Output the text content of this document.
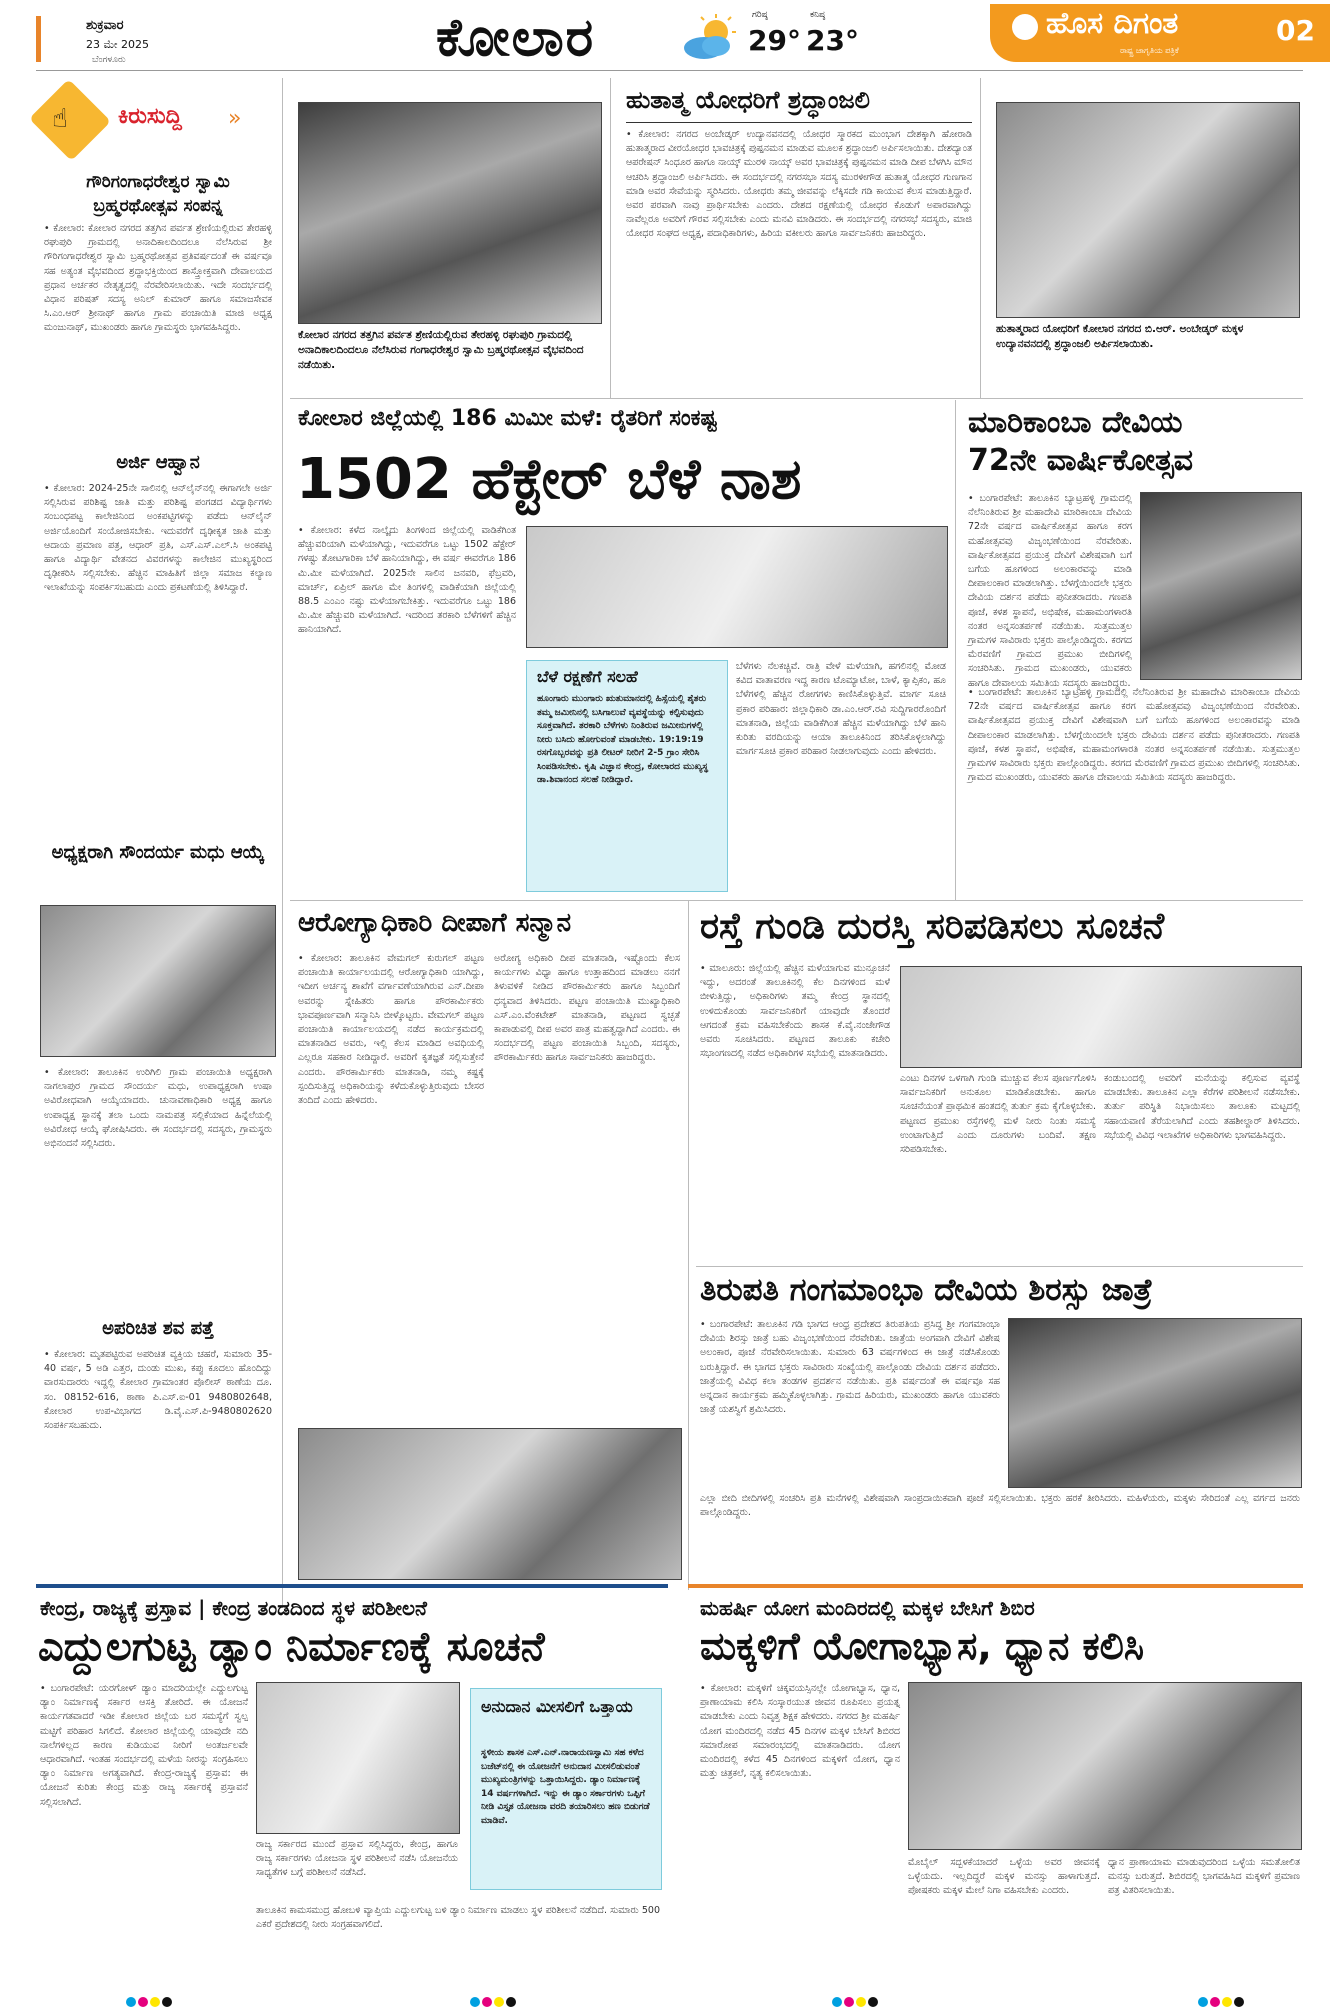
ಶುಕ್ರವಾರ
23 ಮೇ 2025
ಬೆಂಗಳೂರು	ಕೋಲಾರ	ಗರಿಷ್ಠ
29°
ಕನಿಷ್ಠ
23°	ಹೊಸ ದಿಗಂತ
ರಾಷ್ಟ್ರ ಜಾಗೃತಿಯ ಪತ್ರಿಕೆ
02
☝ ಕಿರುಸುದ್ದಿ »
ಗೌರಿಗಂಗಾಧರೇಶ್ವರ ಸ್ವಾಮಿ ಬ್ರಹ್ಮರಥೋತ್ಸವ ಸಂಪನ್ನ
• ಕೋಲಾರ: ಕೋಲಾರ ನಗರದ ತತ್ತಗಿನ ಪರ್ವತ ಶ್ರೇಣಿಯಲ್ಲಿರುವ ತೇರಹಳ್ಳಿ ರಘುಪುರಿ ಗ್ರಾಮದಲ್ಲಿ ಅನಾದಿಕಾಲದಿಂದಲೂ ನೆಲೆಸಿರುವ ಶ್ರೀ ಗೌರಿಗಂಗಾಧರೇಶ್ವರ ಸ್ವಾಮಿ ಬ್ರಹ್ಮರಥೋತ್ಸವ ಪ್ರತಿವರ್ಷದಂತೆ ಈ ವರ್ಷವೂ ಸಹ ಅತ್ಯಂತ ವೈಭವದಿಂದ ಶ್ರದ್ಧಾಭಕ್ತಿಯಿಂದ ಶಾಸ್ತ್ರೋಕ್ತವಾಗಿ ದೇವಾಲಯದ ಪ್ರಧಾನ ಅರ್ಚಕರ ನೇತೃತ್ವದಲ್ಲಿ ನೆರವೇರಿಸಲಾಯಿತು. ಇದೇ ಸಂದರ್ಭದಲ್ಲಿ ವಿಧಾನ ಪರಿಷತ್ ಸದಸ್ಯ ಅನಿಲ್ ಕುಮಾರ್ ಹಾಗೂ ಸಮಾಜಸೇವಕ ಸಿ.ಎಂ.ಆರ್ ಶ್ರೀನಾಥ್ ಹಾಗೂ ಗ್ರಾಮ ಪಂಚಾಯಿತಿ ಮಾಜಿ ಅಧ್ಯಕ್ಷ ಮಂಜುನಾಥ್, ಮುಖಂಡರು ಹಾಗೂ ಗ್ರಾಮಸ್ಥರು ಭಾಗವಹಿಸಿದ್ದರು.
ಅರ್ಜಿ ಆಹ್ವಾನ
• ಕೋಲಾರ: 2024-25ನೇ ಸಾಲಿನಲ್ಲಿ ಆನ್‌ಲೈನ್‌ನಲ್ಲಿ ಈಗಾಗಲೇ ಅರ್ಜಿ ಸಲ್ಲಿಸಿರುವ ಪರಿಶಿಷ್ಟ ಜಾತಿ ಮತ್ತು ಪರಿಶಿಷ್ಟ ಪಂಗಡದ ವಿದ್ಯಾರ್ಥಿಗಳು ಸಂಬಂಧಪಟ್ಟ ಕಾಲೇಜಿನಿಂದ ಅಂಕಪಟ್ಟಿಗಳನ್ನು ಪಡೆದು ಆನ್‌ಲೈನ್ ಅರ್ಜಿಯೊಂದಿಗೆ ಸಂಯೋಜಿಸಬೇಕು. ಇದುವರೆಗೆ ದೃಢೀಕೃತ ಜಾತಿ ಮತ್ತು ಆದಾಯ ಪ್ರಮಾಣ ಪತ್ರ, ಆಧಾರ್ ಪ್ರತಿ, ಎಸ್.ಎಸ್.ಎಲ್.ಸಿ ಅಂಕಪಟ್ಟಿ ಹಾಗೂ ವಿದ್ಯಾರ್ಥಿ ವೇತನದ ವಿವರಗಳನ್ನು ಕಾಲೇಜಿನ ಮುಖ್ಯಸ್ಥರಿಂದ ದೃಢೀಕರಿಸಿ ಸಲ್ಲಿಸಬೇಕು. ಹೆಚ್ಚಿನ ಮಾಹಿತಿಗೆ ಜಿಲ್ಲಾ ಸಮಾಜ ಕಲ್ಯಾಣ ಇಲಾಖೆಯನ್ನು ಸಂಪರ್ಕಿಸಬಹುದು ಎಂದು ಪ್ರಕಟಣೆಯಲ್ಲಿ ತಿಳಿಸಿದ್ದಾರೆ.
ಅಧ್ಯಕ್ಷರಾಗಿ ಸೌಂದರ್ಯ ಮಧು ಆಯ್ಕೆ
• ಕೋಲಾರ: ತಾಲೂಕಿನ ಉರಿಗಿಲಿ ಗ್ರಾಮ ಪಂಚಾಯಿತಿ ಅಧ್ಯಕ್ಷರಾಗಿ ನಾಗಲಾಪುರ ಗ್ರಾಮದ ಸೌಂದರ್ಯ ಮಧು, ಉಪಾಧ್ಯಕ್ಷರಾಗಿ ಉಷಾ ಅವಿರೋಧವಾಗಿ ಆಯ್ಕೆಯಾದರು. ಚುನಾವಣಾಧಿಕಾರಿ ಅಧ್ಯಕ್ಷ ಹಾಗೂ ಉಪಾಧ್ಯಕ್ಷ ಸ್ಥಾನಕ್ಕೆ ತಲಾ ಒಂದು ನಾಮಪತ್ರ ಸಲ್ಲಿಕೆಯಾದ ಹಿನ್ನೆಲೆಯಲ್ಲಿ ಅವಿರೋಧ ಆಯ್ಕೆ ಘೋಷಿಸಿದರು. ಈ ಸಂದರ್ಭದಲ್ಲಿ ಸದಸ್ಯರು, ಗ್ರಾಮಸ್ಥರು ಅಭಿನಂದನೆ ಸಲ್ಲಿಸಿದರು.
ಅಪರಿಚಿತ ಶವ ಪತ್ತೆ
• ಕೋಲಾರ: ಮೃತಪಟ್ಟಿರುವ ಅಪರಿಚಿತ ವ್ಯಕ್ತಿಯ ಚಹರೆ, ಸುಮಾರು 35-40 ವರ್ಷ, 5 ಅಡಿ ಎತ್ತರ, ದುಂಡು ಮುಖ, ಕಪ್ಪು ಕೂದಲು ಹೊಂದಿದ್ದು ವಾರಸುದಾರರು ಇದ್ದಲ್ಲಿ ಕೋಲಾರ ಗ್ರಾಮಾಂತರ ಪೊಲೀಸ್ ಠಾಣೆಯ ದೂ. ಸಂ. 08152-616, ಠಾಣಾ ಪಿ.ಎಸ್.ಐ-01 9480802648, ಕೋಲಾರ ಉಪ-ವಿಭಾಗದ ಡಿ.ವೈ.ಎಸ್.ಪಿ-9480802620 ಸಂಪರ್ಕಿಸಬಹುದು.
ಕೋಲಾರ ನಗರದ ತತ್ತಗಿನ ಪರ್ವತ ಶ್ರೇಣಿಯಲ್ಲಿರುವ ತೇರಹಳ್ಳಿ ರಘುಪುರಿ ಗ್ರಾಮದಲ್ಲಿ ಅನಾದಿಕಾಲದಿಂದಲೂ ನೆಲೆಸಿರುವ ಗಂಗಾಧರೇಶ್ವರ ಸ್ವಾಮಿ ಬ್ರಹ್ಮರಥೋತ್ಸವ ವೈಭವದಿಂದ ನಡೆಯಿತು.
ಹುತಾತ್ಮ ಯೋಧರಿಗೆ ಶ್ರದ್ಧಾಂಜಲಿ
• ಕೋಲಾರ: ನಗರದ ಅಂಬೇಡ್ಕರ್ ಉದ್ಯಾನವನದಲ್ಲಿ ಯೋಧರ ಸ್ಮಾರಕದ ಮುಂಭಾಗ ದೇಶಕ್ಕಾಗಿ ಹೋರಾಡಿ ಹುತಾತ್ಮರಾದ ವೀರಯೋಧರ ಭಾವಚಿತ್ರಕ್ಕೆ ಪುಷ್ಪನಮನ ಮಾಡುವ ಮೂಲಕ ಶ್ರದ್ಧಾಂಜಲಿ ಅರ್ಪಿಸಲಾಯಿತು. ದೇಶದ್ಯಾಂತ ಆಪರೇಷನ್ ಸಿಂಧೂರ ಹಾಗೂ ನಾಯ್ಕ್ ಮುರಳಿ ನಾಯ್ಕ್ ಅವರ ಭಾವಚಿತ್ರಕ್ಕೆ ಪುಷ್ಪನಮನ ಮಾಡಿ ದೀಪ ಬೆಳಗಿಸಿ ಮೌನ ಆಚರಿಸಿ ಶ್ರದ್ಧಾಂಜಲಿ ಅರ್ಪಿಸಿದರು. ಈ ಸಂದರ್ಭದಲ್ಲಿ ನಗರಸಭಾ ಸದಸ್ಯ ಮುರಳೀಗೌಡ ಹುತಾತ್ಮ ಯೋಧರ ಗುಣಗಾನ ಮಾಡಿ ಅವರ ಸೇವೆಯನ್ನು ಸ್ಮರಿಸಿದರು. ಯೋಧರು ತಮ್ಮ ಜೀವವನ್ನು ಲೆಕ್ಕಿಸದೇ ಗಡಿ ಕಾಯುವ ಕೆಲಸ ಮಾಡುತ್ತಿದ್ದಾರೆ. ಅವರ ಪರವಾಗಿ ನಾವು ಪ್ರಾರ್ಥಿಸಬೇಕು ಎಂದರು. ದೇಶದ ರಕ್ಷಣೆಯಲ್ಲಿ ಯೋಧರ ಕೊಡುಗೆ ಅಪಾರವಾಗಿದ್ದು ನಾವೆಲ್ಲರೂ ಅವರಿಗೆ ಗೌರವ ಸಲ್ಲಿಸಬೇಕು ಎಂದು ಮನವಿ ಮಾಡಿದರು. ಈ ಸಂದರ್ಭದಲ್ಲಿ ನಗರಸಭೆ ಸದಸ್ಯರು, ಮಾಜಿ ಯೋಧರ ಸಂಘದ ಅಧ್ಯಕ್ಷ, ಪದಾಧಿಕಾರಿಗಳು, ಹಿರಿಯ ವಕೀಲರು ಹಾಗೂ ಸಾರ್ವಜನಿಕರು ಹಾಜರಿದ್ದರು.
ಹುತಾತ್ಮರಾದ ಯೋಧರಿಗೆ ಕೋಲಾರ ನಗರದ ಬಿ.ಆರ್. ಅಂಬೇಡ್ಕರ್ ಮಕ್ಕಳ ಉದ್ಯಾನವನದಲ್ಲಿ ಶ್ರದ್ಧಾಂಜಲಿ ಅರ್ಪಿಸಲಾಯಿತು.
ಕೋಲಾರ ಜಿಲ್ಲೆಯಲ್ಲಿ 186 ಮಿಮೀ ಮಳೆ: ರೈತರಿಗೆ ಸಂಕಷ್ಟ
1502 ಹೆಕ್ಟೇರ್ ಬೆಳೆ ನಾಶ
• ಕೋಲಾರ: ಕಳೆದ ನಾಲ್ಕೈದು ತಿಂಗಳಿಂದ ಜಿಲ್ಲೆಯಲ್ಲಿ ವಾಡಿಕೆಗಿಂತ ಹೆಚ್ಚುವರಿಯಾಗಿ ಮಳೆಯಾಗಿದ್ದು, ಇದುವರೆಗೂ ಒಟ್ಟು 1502 ಹೆಕ್ಟೇರ್ ಗಳಷ್ಟು ತೋಟಗಾರಿಕಾ ಬೆಳೆ ಹಾನಿಯಾಗಿದ್ದು, ಈ ವರ್ಷ ಈವರೆಗೂ 186 ಮಿ.ಮೀ ಮಳೆಯಾಗಿದೆ. 2025ನೇ ಸಾಲಿನ ಜನವರಿ, ಫೆಬ್ರವರಿ, ಮಾರ್ಚ್, ಏಪ್ರಿಲ್ ಹಾಗೂ ಮೇ ತಿಂಗಳಲ್ಲಿ ವಾಡಿಕೆಯಾಗಿ ಜಿಲ್ಲೆಯಲ್ಲಿ 88.5 ಎಂಎಂ ನಷ್ಟು ಮಳೆಯಾಗಬೇಕಿತ್ತು. ಇದುವರೆಗೂ ಒಟ್ಟು 186 ಮಿ.ಮೀ ಹೆಚ್ಚುವರಿ ಮಳೆಯಾಗಿದೆ. ಇದರಿಂದ ತರಕಾರಿ ಬೆಳೆಗಳಿಗೆ ಹೆಚ್ಚಿನ ಹಾನಿಯಾಗಿದೆ.
ಬೆಳೆ ರಕ್ಷಣೆಗೆ ಸಲಹೆ
ಹೂಂಗಾರು ಮುಂಗಾರು ಋತುಮಾನದಲ್ಲಿ ಹಿಸ್ಸೆಯಲ್ಲಿ ಶೈತರು ತಮ್ಮ ಜಮೀನಿನಲ್ಲಿ ಬಸಿಗಾಲುವೆ ವ್ಯವಸ್ಥೆಯನ್ನು ಕಲ್ಪಿಸುವುದು ಸೂಕ್ತವಾಗಿದೆ. ತರಕಾರಿ ಬೆಳೆಗಳು ನಿಂತಿರುವ ಜಮೀನುಗಳಲ್ಲಿ ನೀರು ಬಸಿದು ಹೋಗುವಂತೆ ಮಾಡಬೇಕು. 19:19:19 ರಸಗೊಬ್ಬರವನ್ನು ಪ್ರತಿ ಲೀಟರ್ ನೀರಿಗೆ 2-5 ಗ್ರಾಂ ಸೇರಿಸಿ ಸಿಂಪಡಿಸಬೇಕು. ಕೃಷಿ ವಿಜ್ಞಾನ ಕೇಂದ್ರ, ಕೋಲಾರದ ಮುಖ್ಯಸ್ಥ ಡಾ.ಶಿವಾನಂದ ಸಲಹೆ ನೀಡಿದ್ದಾರೆ.
ಬೆಳೆಗಳು ನೆಲಕಚ್ಚಿವೆ. ರಾತ್ರಿ ವೇಳೆ ಮಳೆಯಾಗಿ, ಹಗಲಿನಲ್ಲಿ ಮೋಡ ಕವಿದ ವಾತಾವರಣ ಇದ್ದ ಕಾರಣ ಟೊಮ್ಯಾಟೋ, ಬಾಳೆ, ಕ್ಯಾಪ್ಸಿಕಂ, ಹೂ ಬೆಳೆಗಳಲ್ಲಿ ಹೆಚ್ಚಿನ ರೋಗಗಳು ಕಾಣಿಸಿಕೊಳ್ಳುತ್ತಿವೆ. ಮಾರ್ಗ ಸೂಚಿ ಪ್ರಕಾರ ಪರಿಹಾರ: ಜಿಲ್ಲಾಧಿಕಾರಿ ಡಾ.ಎಂ.ಆರ್.ರವಿ ಸುದ್ದಿಗಾರರೊಂದಿಗೆ ಮಾತನಾಡಿ, ಜಿಲ್ಲೆಯ ವಾಡಿಕೆಗಿಂತ ಹೆಚ್ಚಿನ ಮಳೆಯಾಗಿದ್ದು ಬೆಳೆ ಹಾನಿ ಕುರಿತು ವರದಿಯನ್ನು ಆಯಾ ತಾಲೂಕಿನಿಂದ ತರಿಸಿಕೊಳ್ಳಲಾಗಿದ್ದು ಮಾರ್ಗಸೂಚಿ ಪ್ರಕಾರ ಪರಿಹಾರ ನೀಡಲಾಗುವುದು ಎಂದು ಹೇಳಿದರು.
ಮಾರಿಕಾಂಬಾ ದೇವಿಯ
72ನೇ ವಾರ್ಷಿಕೋತ್ಸವ
• ಬಂಗಾರಪೇಟೆ: ತಾಲೂಕಿನ ಬ್ಯಾಟ್ರಹಳ್ಳಿ ಗ್ರಾಮದಲ್ಲಿ ನೆಲೆನಿಂತಿರುವ ಶ್ರೀ ಮಹಾದೇವಿ ಮಾರಿಕಾಂಬಾ ದೇವಿಯ 72ನೇ ವರ್ಷದ ವಾರ್ಷಿಕೋತ್ಸವ ಹಾಗೂ ಕರಗ ಮಹೋತ್ಸವವು ವಿಜೃಂಭಣೆಯಿಂದ ನೆರವೇರಿತು. ವಾರ್ಷಿಕೋತ್ಸವದ ಪ್ರಯುಕ್ತ ದೇವಿಗೆ ವಿಶೇಷವಾಗಿ ಬಗೆ ಬಗೆಯ ಹೂಗಳಿಂದ ಅಲಂಕಾರವನ್ನು ಮಾಡಿ ದೀಪಾಲಂಕಾರ ಮಾಡಲಾಗಿತ್ತು. ಬೆಳಗ್ಗೆಯಿಂದಲೇ ಭಕ್ತರು ದೇವಿಯ ದರ್ಶನ ಪಡೆದು ಪುನೀತರಾದರು. ಗಣಪತಿ ಪೂಜೆ, ಕಳಶ ಸ್ಥಾಪನೆ, ಅಭಿಷೇಕ, ಮಹಾಮಂಗಳಾರತಿ ನಂತರ ಅನ್ನಸಂತರ್ಪಣೆ ನಡೆಯಿತು. ಸುತ್ತಮುತ್ತಲ ಗ್ರಾಮಗಳ ಸಾವಿರಾರು ಭಕ್ತರು ಪಾಲ್ಗೊಂಡಿದ್ದರು. ಕರಗದ ಮೆರವಣಿಗೆ ಗ್ರಾಮದ ಪ್ರಮುಖ ಬೀದಿಗಳಲ್ಲಿ ಸಂಚರಿಸಿತು. ಗ್ರಾಮದ ಮುಖಂಡರು, ಯುವಕರು ಹಾಗೂ ದೇವಾಲಯ ಸಮಿತಿಯ ಸದಸ್ಯರು ಹಾಜರಿದ್ದರು.
• ಬಂಗಾರಪೇಟೆ: ತಾಲೂಕಿನ ಬ್ಯಾಟ್ರಹಳ್ಳಿ ಗ್ರಾಮದಲ್ಲಿ ನೆಲೆನಿಂತಿರುವ ಶ್ರೀ ಮಹಾದೇವಿ ಮಾರಿಕಾಂಬಾ ದೇವಿಯ 72ನೇ ವರ್ಷದ ವಾರ್ಷಿಕೋತ್ಸವ ಹಾಗೂ ಕರಗ ಮಹೋತ್ಸವವು ವಿಜೃಂಭಣೆಯಿಂದ ನೆರವೇರಿತು. ವಾರ್ಷಿಕೋತ್ಸವದ ಪ್ರಯುಕ್ತ ದೇವಿಗೆ ವಿಶೇಷವಾಗಿ ಬಗೆ ಬಗೆಯ ಹೂಗಳಿಂದ ಅಲಂಕಾರವನ್ನು ಮಾಡಿ ದೀಪಾಲಂಕಾರ ಮಾಡಲಾಗಿತ್ತು. ಬೆಳಗ್ಗೆಯಿಂದಲೇ ಭಕ್ತರು ದೇವಿಯ ದರ್ಶನ ಪಡೆದು ಪುನೀತರಾದರು. ಗಣಪತಿ ಪೂಜೆ, ಕಳಶ ಸ್ಥಾಪನೆ, ಅಭಿಷೇಕ, ಮಹಾಮಂಗಳಾರತಿ ನಂತರ ಅನ್ನಸಂತರ್ಪಣೆ ನಡೆಯಿತು. ಸುತ್ತಮುತ್ತಲ ಗ್ರಾಮಗಳ ಸಾವಿರಾರು ಭಕ್ತರು ಪಾಲ್ಗೊಂಡಿದ್ದರು. ಕರಗದ ಮೆರವಣಿಗೆ ಗ್ರಾಮದ ಪ್ರಮುಖ ಬೀದಿಗಳಲ್ಲಿ ಸಂಚರಿಸಿತು. ಗ್ರಾಮದ ಮುಖಂಡರು, ಯುವಕರು ಹಾಗೂ ದೇವಾಲಯ ಸಮಿತಿಯ ಸದಸ್ಯರು ಹಾಜರಿದ್ದರು.
ಆರೋಗ್ಯಾಧಿಕಾರಿ ದೀಪಾಗೆ ಸನ್ಮಾನ
• ಕೋಲಾರ: ತಾಲೂಕಿನ ವೇಮಗಲ್ ಕುರುಗಲ್ ಪಟ್ಟಣ ಪಂಚಾಯಿತಿ ಕಾರ್ಯಾಲಯದಲ್ಲಿ ಆರೋಗ್ಯಾಧಿಕಾರಿ ಯಾಗಿದ್ದು, ಇದೀಗ ಅರ್ಚನ್ಯ ಶಾಖೆಗೆ ವರ್ಗಾವಣೆಯಾಗಿರುವ ಎನ್.ದೀಪಾ ಅವರನ್ನು ಸ್ನೇಹಿತರು ಹಾಗೂ ಪೌರಕಾರ್ಮಿಕರು ಭಾವಪೂರ್ಣವಾಗಿ ಸನ್ಮಾನಿಸಿ ಬೀಳ್ಕೊಟ್ಟರು. ವೇಮಗಲ್ ಪಟ್ಟಣ ಪಂಚಾಯಿತಿ ಕಾರ್ಯಾಲಯದಲ್ಲಿ ನಡೆದ ಕಾರ್ಯಕ್ರಮದಲ್ಲಿ ಮಾತನಾಡಿದ ಅವರು, ಇಲ್ಲಿ ಕೆಲಸ ಮಾಡಿದ ಅವಧಿಯಲ್ಲಿ ಎಲ್ಲರೂ ಸಹಕಾರ ನೀಡಿದ್ದಾರೆ. ಅವರಿಗೆ ಕೃತಜ್ಞತೆ ಸಲ್ಲಿಸುತ್ತೇನೆ ಎಂದರು. ಪೌರಕಾರ್ಮಿಕರು ಮಾತನಾಡಿ, ನಮ್ಮ ಕಷ್ಟಕ್ಕೆ ಸ್ಪಂದಿಸುತ್ತಿದ್ದ ಅಧಿಕಾರಿಯನ್ನು ಕಳೆದುಕೊಳ್ಳುತ್ತಿರುವುದು ಬೇಸರ ತಂದಿದೆ ಎಂದು ಹೇಳಿದರು.
ಅರೋಗ್ಯ ಅಧಿಕಾರಿ ದೀಪ ಮಾತನಾಡಿ, ಇಷ್ಟೊಂದು ಕೆಲಸ ಕಾರ್ಯಗಳು ವಿಧ್ಯಾ ಹಾಗೂ ಉತ್ತಾಹದಿಂದ ಮಾಡಲು ನನಗೆ ತಿಳುವಳಿಕೆ ನೀಡಿದ ಪೌರಕಾರ್ಮಿಕರು ಹಾಗೂ ಸಿಬ್ಬಂದಿಗೆ ಧನ್ಯವಾದ ತಿಳಿಸಿದರು. ಪಟ್ಟಣ ಪಂಚಾಯಿತಿ ಮುಖ್ಯಾಧಿಕಾರಿ ಎಸ್.ಎಂ.ವೆಂಕಟೇಶ್ ಮಾತನಾಡಿ, ಪಟ್ಟಣದ ಸ್ವಚ್ಛತೆ ಕಾಪಾಡುವಲ್ಲಿ ದೀಪ ಅವರ ಪಾತ್ರ ಮಹತ್ವದ್ದಾಗಿದೆ ಎಂದರು. ಈ ಸಂದರ್ಭದಲ್ಲಿ ಪಟ್ಟಣ ಪಂಚಾಯಿತಿ ಸಿಬ್ಬಂದಿ, ಸದಸ್ಯರು, ಪೌರಕಾರ್ಮಿಕರು ಹಾಗೂ ಸಾರ್ವಜನಿಕರು ಹಾಜರಿದ್ದರು.
ರಸ್ತೆ ಗುಂಡಿ ದುರಸ್ತಿ ಸರಿಪಡಿಸಲು ಸೂಚನೆ
• ಮಾಲೂರು: ಜಿಲ್ಲೆಯಲ್ಲಿ ಹೆಚ್ಚಿನ ಮಳೆಯಾಗುವ ಮುನ್ಸೂಚನೆ ಇದ್ದು, ಅದರಂತೆ ತಾಲೂಕಿನಲ್ಲಿ ಕೆಲ ದಿನಗಳಿಂದ ಮಳೆ ಬೀಳುತ್ತಿದ್ದು, ಅಧಿಕಾರಿಗಳು ತಮ್ಮ ಕೇಂದ್ರ ಸ್ಥಾನದಲ್ಲಿ ಉಳಿದುಕೊಂಡು ಸಾರ್ವಜನಿಕರಿಗೆ ಯಾವುದೇ ತೊಂದರೆ ಆಗದಂತೆ ಕ್ರಮ ವಹಿಸಬೇಕೆಂದು ಶಾಸಕ ಕೆ.ವೈ.ನಂಜೇಗೌಡ ಅವರು ಸೂಚಿಸಿದರು. ಪಟ್ಟಣದ ತಾಲೂಕು ಕಚೇರಿ ಸಭಾಂಗಣದಲ್ಲಿ ನಡೆದ ಅಧಿಕಾರಿಗಳ ಸಭೆಯಲ್ಲಿ ಮಾತನಾಡಿದರು.
ಎಂಟು ದಿನಗಳ ಒಳಗಾಗಿ ಗುಂಡಿ ಮುಚ್ಚುವ ಕೆಲಸ ಪೂರ್ಣಗೊಳಿಸಿ ಸಾರ್ವಜನಿಕರಿಗೆ ಅನುಕೂಲ ಮಾಡಿಕೊಡಬೇಕು. ಹಾಗೂ ಸೂಚನೆಯಂತೆ ಪ್ರಾಥಮಿಕ ಹಂತದಲ್ಲಿ ತುರ್ತು ಕ್ರಮ ಕೈಗೊಳ್ಳಬೇಕು. ಪಟ್ಟಣದ ಪ್ರಮುಖ ರಸ್ತೆಗಳಲ್ಲಿ ಮಳೆ ನೀರು ನಿಂತು ಸಮಸ್ಯೆ ಉಂಟಾಗುತ್ತಿದೆ ಎಂದು ದೂರುಗಳು ಬಂದಿವೆ. ತಕ್ಷಣ ಸರಿಪಡಿಸಬೇಕು.
ಕಂಡುಬಂದಲ್ಲಿ ಅವರಿಗೆ ಮನೆಯನ್ನು ಕಲ್ಪಿಸುವ ವ್ಯವಸ್ಥೆ ಮಾಡಬೇಕು. ತಾಲೂಕಿನ ಎಲ್ಲಾ ಕೆರೆಗಳ ಪರಿಶೀಲನೆ ನಡೆಸಬೇಕು. ತುರ್ತು ಪರಿಸ್ಥಿತಿ ನಿಭಾಯಿಸಲು ತಾಲೂಕು ಮಟ್ಟದಲ್ಲಿ ಸಹಾಯವಾಣಿ ತೆರೆಯಲಾಗಿದೆ ಎಂದು ತಹಶೀಲ್ದಾರ್ ತಿಳಿಸಿದರು. ಸಭೆಯಲ್ಲಿ ವಿವಿಧ ಇಲಾಖೆಗಳ ಅಧಿಕಾರಿಗಳು ಭಾಗವಹಿಸಿದ್ದರು.
ತಿರುಪತಿ ಗಂಗಮಾಂಭಾ ದೇವಿಯ ಶಿರಸ್ಸು ಜಾತ್ರೆ
• ಬಂಗಾರಪೇಟೆ: ತಾಲೂಕಿನ ಗಡಿ ಭಾಗದ ಆಂಧ್ರ ಪ್ರದೇಶದ ತಿರುಪತಿಯ ಪ್ರಸಿದ್ಧ ಶ್ರೀ ಗಂಗಮಾಂಭಾ ದೇವಿಯ ಶಿರಸ್ಸು ಜಾತ್ರೆ ಬಹು ವಿಜೃಂಭಣೆಯಿಂದ ನೆರವೇರಿತು. ಜಾತ್ರೆಯ ಅಂಗವಾಗಿ ದೇವಿಗೆ ವಿಶೇಷ ಅಲಂಕಾರ, ಪೂಜೆ ನೆರವೇರಿಸಲಾಯಿತು. ಸುಮಾರು 63 ವರ್ಷಗಳಿಂದ ಈ ಜಾತ್ರೆ ನಡೆಸಿಕೊಂಡು ಬರುತ್ತಿದ್ದಾರೆ. ಈ ಭಾಗದ ಭಕ್ತರು ಸಾವಿರಾರು ಸಂಖ್ಯೆಯಲ್ಲಿ ಪಾಲ್ಗೊಂಡು ದೇವಿಯ ದರ್ಶನ ಪಡೆದರು. ಜಾತ್ರೆಯಲ್ಲಿ ವಿವಿಧ ಕಲಾ ತಂಡಗಳ ಪ್ರದರ್ಶನ ನಡೆಯಿತು. ಪ್ರತಿ ವರ್ಷದಂತೆ ಈ ವರ್ಷವೂ ಸಹ ಅನ್ನದಾನ ಕಾರ್ಯಕ್ರಮ ಹಮ್ಮಿಕೊಳ್ಳಲಾಗಿತ್ತು. ಗ್ರಾಮದ ಹಿರಿಯರು, ಮುಖಂಡರು ಹಾಗೂ ಯುವಕರು ಜಾತ್ರೆ ಯಶಸ್ವಿಗೆ ಶ್ರಮಿಸಿದರು.
ಎಲ್ಲಾ ಬೀದಿ ಬೀದಿಗಳಲ್ಲಿ ಸಂಚರಿಸಿ ಪ್ರತಿ ಮನೆಗಳಲ್ಲಿ ವಿಶೇಷವಾಗಿ ಸಾಂಪ್ರದಾಯಿಕವಾಗಿ ಪೂಜೆ ಸಲ್ಲಿಸಲಾಯಿತು. ಭಕ್ತರು ಹರಕೆ ತೀರಿಸಿದರು. ಮಹಿಳೆಯರು, ಮಕ್ಕಳು ಸೇರಿದಂತೆ ಎಲ್ಲ ವರ್ಗದ ಜನರು ಪಾಲ್ಗೊಂಡಿದ್ದರು.
ಕೇಂದ್ರ, ರಾಜ್ಯಕ್ಕೆ ಪ್ರಸ್ತಾವ | ಕೇಂದ್ರ ತಂಡದಿಂದ ಸ್ಥಳ ಪರಿಶೀಲನೆ
ಎದ್ದುಲಗುಟ್ಟ ಡ್ಯಾಂ ನಿರ್ಮಾಣಕ್ಕೆ ಸೂಚನೆ
• ಬಂಗಾರಪೇಟೆ: ಯರಗೋಳ್ ಡ್ಯಾಂ ಮಾದರಿಯಲ್ಲೇ ಎದ್ದುಲಗುಟ್ಟ ಡ್ಯಾಂ ನಿರ್ಮಾಣಕ್ಕೆ ಸರ್ಕಾರ ಆಸಕ್ತಿ ತೋರಿದೆ. ಈ ಯೋಜನೆ ಕಾರ್ಯಗತವಾದರೆ ಇಡೀ ಕೋಲಾರ ಜಿಲ್ಲೆಯ ಬರ ಸಮಸ್ಯೆಗೆ ಸ್ವಲ್ಪ ಮಟ್ಟಿಗೆ ಪರಿಹಾರ ಸಿಗಲಿದೆ. ಕೋಲಾರ ಜಿಲ್ಲೆಯಲ್ಲಿ ಯಾವುದೇ ನದಿ ನಾಲೆಗಳಿಲ್ಲದ ಕಾರಣ ಕುಡಿಯುವ ನೀರಿಗೆ ಅಂತರ್ಜಲವೇ ಆಧಾರವಾಗಿದೆ. ಇಂತಹ ಸಂದರ್ಭದಲ್ಲಿ ಮಳೆಯ ನೀರನ್ನು ಸಂಗ್ರಹಿಸಲು ಡ್ಯಾಂ ನಿರ್ಮಾಣ ಅಗತ್ಯವಾಗಿದೆ. ಕೇಂದ್ರ-ರಾಜ್ಯಕ್ಕೆ ಪ್ರಸ್ತಾವ: ಈ ಯೋಜನೆ ಕುರಿತು ಕೇಂದ್ರ ಮತ್ತು ರಾಜ್ಯ ಸರ್ಕಾರಕ್ಕೆ ಪ್ರಸ್ತಾವನೆ ಸಲ್ಲಿಸಲಾಗಿದೆ.
ರಾಜ್ಯ ಸರ್ಕಾರದ ಮುಂದೆ ಪ್ರಸ್ತಾವ ಸಲ್ಲಿಸಿದ್ದರು, ಕೇಂದ್ರ, ಹಾಗೂ ರಾಜ್ಯ ಸರ್ಕಾರಗಳು ಯೋಜನಾ ಸ್ಥಳ ಪರಿಶೀಲನೆ ನಡೆಸಿ ಯೋಜನೆಯ ಸಾಧ್ಯತೆಗಳ ಬಗ್ಗೆ ಪರಿಶೀಲನೆ ನಡೆಸಿದೆ.
ತಾಲೂಕಿನ ಕಾಮಸಮುದ್ರ ಹೋಬಳಿ ವ್ಯಾಪ್ತಿಯ ಎದ್ದುಲಗುಟ್ಟ ಬಳಿ ಡ್ಯಾಂ ನಿರ್ಮಾಣ ಮಾಡಲು ಸ್ಥಳ ಪರಿಶೀಲನೆ ನಡೆದಿದೆ. ಸುಮಾರು 500 ಎಕರೆ ಪ್ರದೇಶದಲ್ಲಿ ನೀರು ಸಂಗ್ರಹವಾಗಲಿದೆ.
ಅನುದಾನ ಮೀಸಲಿಗೆ ಒತ್ತಾಯ
ಸ್ಥಳೀಯ ಶಾಸಕ ಎಸ್.ಎನ್.ನಾರಾಯಣಸ್ವಾಮಿ ಸಹ ಕಳೆದ ಬಜೆಟ್‌ನಲ್ಲಿ ಈ ಯೋಜನೆಗೆ ಅನುದಾನ ಮೀಸಲಿಡುವಂತೆ ಮುಖ್ಯಮಂತ್ರಿಗಳನ್ನು ಒತ್ತಾಯಿಸಿದ್ದರು. ಡ್ಯಾಂ ನಿರ್ಮಾಣಕ್ಕೆ 14 ವರ್ಷಗಳಾಗಿದೆ. ಇನ್ನು ಈ ಡ್ಯಾಂ ಸರ್ಕಾರಗಳು ಒಪ್ಪಿಗೆ ನೀಡಿ ವಿಸ್ತೃತ ಯೋಜನಾ ವರದಿ ತಯಾರಿಸಲು ಹಣ ಬಿಡುಗಡೆ ಮಾಡಿವೆ.
ಮಹರ್ಷಿ ಯೋಗ ಮಂದಿರದಲ್ಲಿ ಮಕ್ಕಳ ಬೇಸಿಗೆ ಶಿಬಿರ
ಮಕ್ಕಳಿಗೆ ಯೋಗಾಭ್ಯಾಸ, ಧ್ಯಾನ ಕಲಿಸಿ
• ಕೋಲಾರ: ಮಕ್ಕಳಿಗೆ ಚಿಕ್ಕವಯಸ್ಸಿನಲ್ಲೇ ಯೋಗಾಭ್ಯಾಸ, ಧ್ಯಾನ, ಪ್ರಾಣಾಯಾಮ ಕಲಿಸಿ ಸಂಸ್ಕಾರಯುತ ಜೀವನ ರೂಪಿಸಲು ಪ್ರಯತ್ನ ಮಾಡಬೇಕು ಎಂದು ನಿವೃತ್ತ ಶಿಕ್ಷಕ ಹೇಳಿದರು. ನಗರದ ಶ್ರೀ ಮಹರ್ಷಿ ಯೋಗ ಮಂದಿರದಲ್ಲಿ ನಡೆದ 45 ದಿನಗಳ ಮಕ್ಕಳ ಬೇಸಿಗೆ ಶಿಬಿರದ ಸಮಾರೋಪ ಸಮಾರಂಭದಲ್ಲಿ ಮಾತನಾಡಿದರು. ಯೋಗ ಮಂದಿರದಲ್ಲಿ ಕಳೆದ 45 ದಿನಗಳಿಂದ ಮಕ್ಕಳಿಗೆ ಯೋಗ, ಧ್ಯಾನ ಮತ್ತು ಚಿತ್ರಕಲೆ, ನೃತ್ಯ ಕಲಿಸಲಾಯಿತು.
ಮೊಬೈಲ್ ಸದ್ಬಳಕೆಯಾದರೆ ಒಳ್ಳೆಯ ಅವರ ಜೀವನಕ್ಕೆ ಒಳ್ಳೆಯದು. ಇಲ್ಲದಿದ್ದರೆ ಮಕ್ಕಳ ಮನಸ್ಸು ಹಾಳಾಗುತ್ತದೆ. ಪೋಷಕರು ಮಕ್ಕಳ ಮೇಲೆ ನಿಗಾ ವಹಿಸಬೇಕು ಎಂದರು.
ಧ್ಯಾನ ಪ್ರಾಣಾಯಾಮ ಮಾಡುವುದರಿಂದ ಒಳ್ಳೆಯ ಸಮತೋಲಿತ ಮನಸ್ಸು ಬರುತ್ತದೆ. ಶಿಬಿರದಲ್ಲಿ ಭಾಗವಹಿಸಿದ ಮಕ್ಕಳಿಗೆ ಪ್ರಮಾಣ ಪತ್ರ ವಿತರಿಸಲಾಯಿತು.
